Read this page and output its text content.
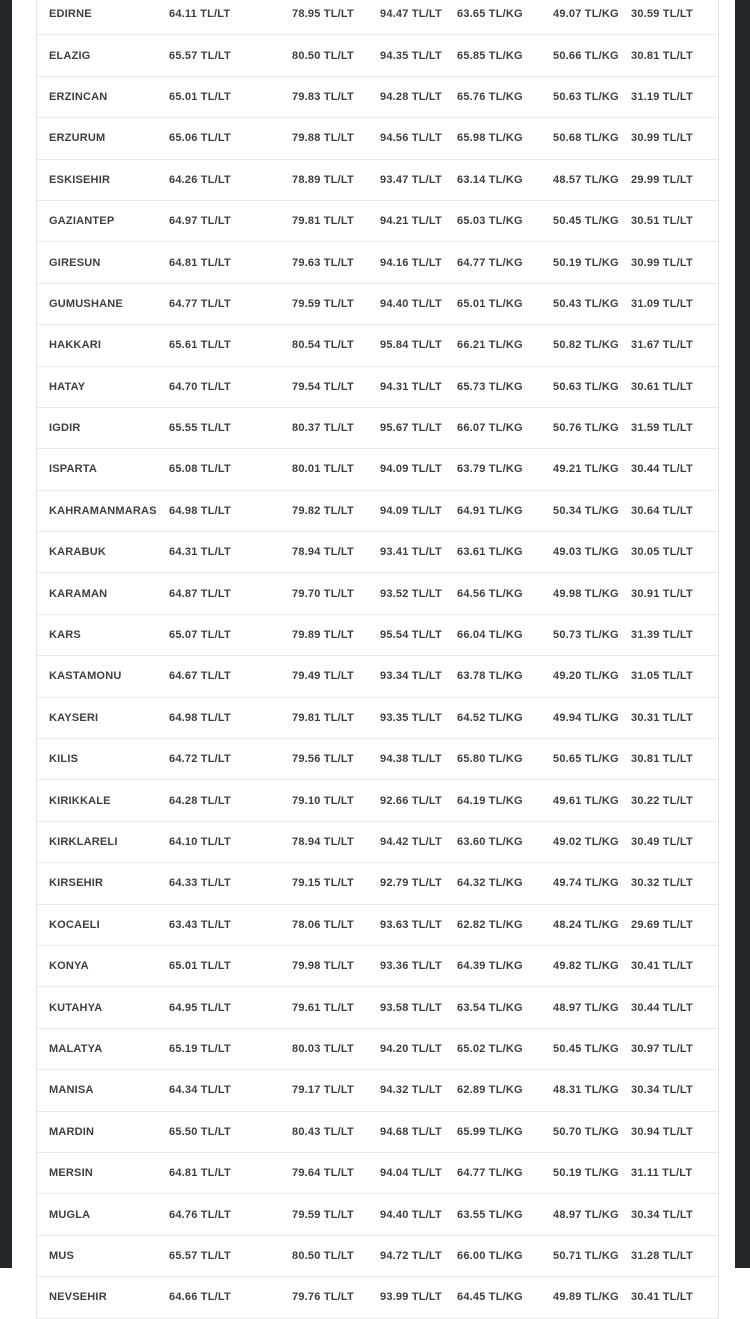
EDIRNE	64.11 TL/LT	78.95 TL/LT	94.47 TL/LT	63.65 TL/KG	49.07 TL/KG	30.59 TL/LT
ELAZIG	65.57 TL/LT	80.50 TL/LT	94.35 TL/LT	65.85 TL/KG	50.66 TL/KG	30.81 TL/LT
ERZINCAN	65.01 TL/LT	79.83 TL/LT	94.28 TL/LT	65.76 TL/KG	50.63 TL/KG	31.19 TL/LT
ERZURUM	65.06 TL/LT	79.88 TL/LT	94.56 TL/LT	65.98 TL/KG	50.68 TL/KG	30.99 TL/LT
ESKISEHIR	64.26 TL/LT	78.89 TL/LT	93.47 TL/LT	63.14 TL/KG	48.57 TL/KG	29.99 TL/LT
GAZIANTEP	64.97 TL/LT	79.81 TL/LT	94.21 TL/LT	65.03 TL/KG	50.45 TL/KG	30.51 TL/LT
GIRESUN	64.81 TL/LT	79.63 TL/LT	94.16 TL/LT	64.77 TL/KG	50.19 TL/KG	30.99 TL/LT
GUMUSHANE	64.77 TL/LT	79.59 TL/LT	94.40 TL/LT	65.01 TL/KG	50.43 TL/KG	31.09 TL/LT
HAKKARI	65.61 TL/LT	80.54 TL/LT	95.84 TL/LT	66.21 TL/KG	50.82 TL/KG	31.67 TL/LT
HATAY	64.70 TL/LT	79.54 TL/LT	94.31 TL/LT	65.73 TL/KG	50.63 TL/KG	30.61 TL/LT
IGDIR	65.55 TL/LT	80.37 TL/LT	95.67 TL/LT	66.07 TL/KG	50.76 TL/KG	31.59 TL/LT
ISPARTA	65.08 TL/LT	80.01 TL/LT	94.09 TL/LT	63.79 TL/KG	49.21 TL/KG	30.44 TL/LT
KAHRAMANMARAS	64.98 TL/LT	79.82 TL/LT	94.09 TL/LT	64.91 TL/KG	50.34 TL/KG	30.64 TL/LT
KARABUK	64.31 TL/LT	78.94 TL/LT	93.41 TL/LT	63.61 TL/KG	49.03 TL/KG	30.05 TL/LT
KARAMAN	64.87 TL/LT	79.70 TL/LT	93.52 TL/LT	64.56 TL/KG	49.98 TL/KG	30.91 TL/LT
KARS	65.07 TL/LT	79.89 TL/LT	95.54 TL/LT	66.04 TL/KG	50.73 TL/KG	31.39 TL/LT
KASTAMONU	64.67 TL/LT	79.49 TL/LT	93.34 TL/LT	63.78 TL/KG	49.20 TL/KG	31.05 TL/LT
KAYSERI	64.98 TL/LT	79.81 TL/LT	93.35 TL/LT	64.52 TL/KG	49.94 TL/KG	30.31 TL/LT
KILIS	64.72 TL/LT	79.56 TL/LT	94.38 TL/LT	65.80 TL/KG	50.65 TL/KG	30.81 TL/LT
KIRIKKALE	64.28 TL/LT	79.10 TL/LT	92.66 TL/LT	64.19 TL/KG	49.61 TL/KG	30.22 TL/LT
KIRKLARELI	64.10 TL/LT	78.94 TL/LT	94.42 TL/LT	63.60 TL/KG	49.02 TL/KG	30.49 TL/LT
KIRSEHIR	64.33 TL/LT	79.15 TL/LT	92.79 TL/LT	64.32 TL/KG	49.74 TL/KG	30.32 TL/LT
KOCAELI	63.43 TL/LT	78.06 TL/LT	93.63 TL/LT	62.82 TL/KG	48.24 TL/KG	29.69 TL/LT
KONYA	65.01 TL/LT	79.98 TL/LT	93.36 TL/LT	64.39 TL/KG	49.82 TL/KG	30.41 TL/LT
KUTAHYA	64.95 TL/LT	79.61 TL/LT	93.58 TL/LT	63.54 TL/KG	48.97 TL/KG	30.44 TL/LT
MALATYA	65.19 TL/LT	80.03 TL/LT	94.20 TL/LT	65.02 TL/KG	50.45 TL/KG	30.97 TL/LT
MANISA	64.34 TL/LT	79.17 TL/LT	94.32 TL/LT	62.89 TL/KG	48.31 TL/KG	30.34 TL/LT
MARDIN	65.50 TL/LT	80.43 TL/LT	94.68 TL/LT	65.99 TL/KG	50.70 TL/KG	30.94 TL/LT
MERSIN	64.81 TL/LT	79.64 TL/LT	94.04 TL/LT	64.77 TL/KG	50.19 TL/KG	31.11 TL/LT
MUGLA	64.76 TL/LT	79.59 TL/LT	94.40 TL/LT	63.55 TL/KG	48.97 TL/KG	30.34 TL/LT
MUS	65.57 TL/LT	80.50 TL/LT	94.72 TL/LT	66.00 TL/KG	50.71 TL/KG	31.28 TL/LT
NEVSEHIR	64.66 TL/LT	79.76 TL/LT	93.99 TL/LT	64.45 TL/KG	49.89 TL/KG	30.41 TL/LT
